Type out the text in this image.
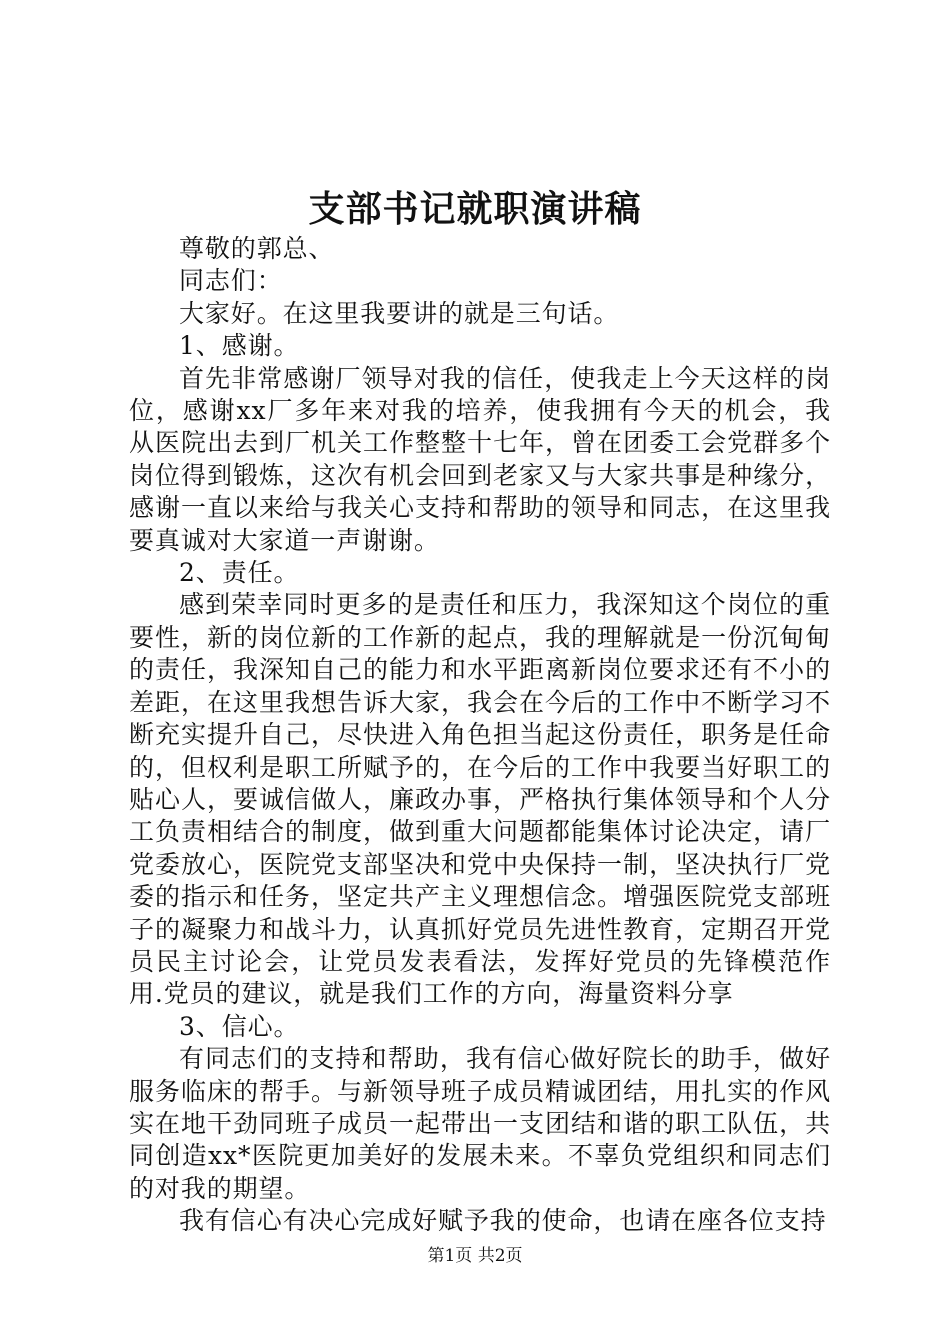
支部书记就职演讲稿

尊敬的郭总、

同志们：

大家好。在这里我要讲的就是三句话。

1、感谢。

首先非常感谢厂领导对我的信任，使我走上今天这样的岗位，感谢xx厂多年来对我的培养，使我拥有今天的机会，我从医院出去到厂机关工作整整十七年，曾在团委工会党群多个岗位得到锻炼，这次有机会回到老家又与大家共事是种缘分，感谢一直以来给与我关心支持和帮助的领导和同志，在这里我要真诚对大家道一声谢谢。

2、责任。

感到荣幸同时更多的是责任和压力，我深知这个岗位的重要性，新的岗位新的工作新的起点，我的理解就是一份沉甸甸的责任，我深知自己的能力和水平距离新岗位要求还有不小的差距，在这里我想告诉大家，我会在今后的工作中不断学习不断充实提升自己，尽快进入角色担当起这份责任，职务是任命的，但权利是职工所赋予的，在今后的工作中我要当好职工的贴心人，要诚信做人，廉政办事，严格执行集体领导和个人分工负责相结合的制度，做到重大问题都能集体讨论决定，请厂党委放心，医院党支部坚决和党中央保持一制，坚决执行厂党委的指示和任务，坚定共产主义理想信念。增强医院党支部班子的凝聚力和战斗力，认真抓好党员先进性教育，定期召开党员民主讨论会，让党员发表看法，发挥好党员的先锋模范作用.党员的建议，就是我们工作的方向，海量资料分享

3、信心。

有同志们的支持和帮助，我有信心做好院长的助手，做好服务临床的帮手。与新领导班子成员精诚团结，用扎实的作风实在地干劲同班子成员一起带出一支团结和谐的职工队伍，共同创造xx*医院更加美好的发展未来。不辜负党组织和同志们的对我的期望。

我有信心有决心完成好赋予我的使命，也请在座各位支持

第1页 共2页
